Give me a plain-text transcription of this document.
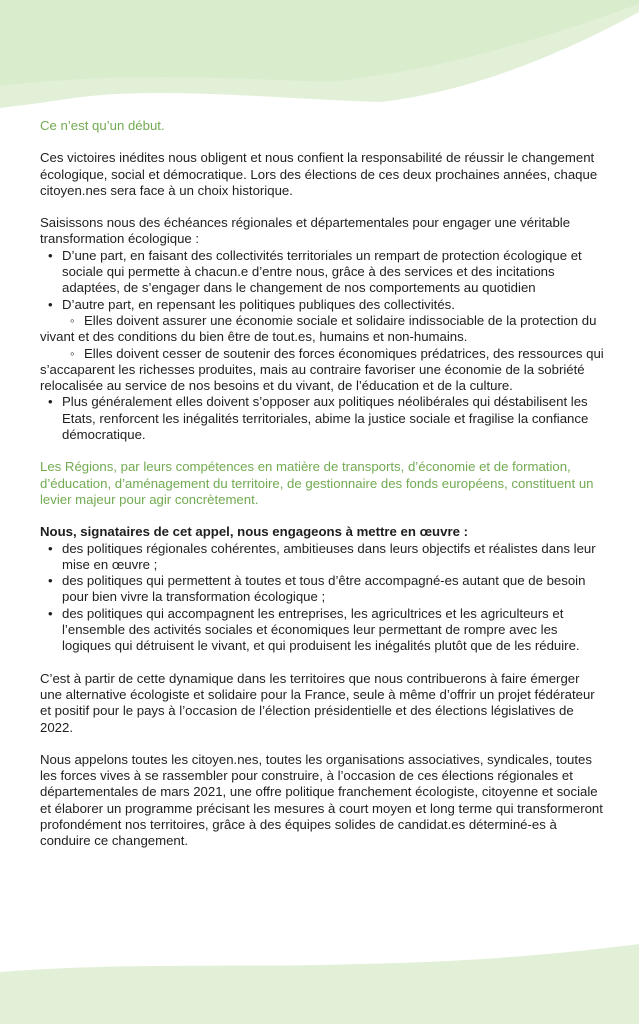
Ce n’est qu’un début.

Ces victoires inédites nous obligent et nous confient la responsabilité de réussir le changement écologique, social et démocratique. Lors des élections de ces deux prochaines années, chaque citoyen.nes sera face à un choix historique.

Saisissons nous des échéances régionales et départementales pour engager une véritable transformation écologique :

• D’une part, en faisant des collectivités territoriales un rempart de protection écologique et sociale qui permette à chacun.e d’entre nous, grâce à des services et des incitations adaptées, de s’engager dans le changement de nos comportements au quotidien

• D’autre part, en repensant les politiques publiques des collectivités.

◦ Elles doivent assurer une économie sociale et solidaire indissociable de la protection du vivant et des conditions du bien être de tout.es, humains et non-humains.

◦ Elles doivent cesser de soutenir des forces économiques prédatrices, des ressources qui s’accaparent les richesses produites, mais au contraire favoriser une économie de la sobriété relocalisée au service de nos besoins et du vivant, de l’éducation et de la culture.

• Plus généralement elles doivent s’opposer aux politiques néolibérales qui déstabilisent les Etats, renforcent les inégalités territoriales, abime la justice sociale et fragilise la confiance démocratique.

Les Régions, par leurs compétences en matière de transports, d’économie et de formation, d’éducation, d’aménagement du territoire, de gestionnaire des fonds européens, constituent un levier majeur pour agir concrètement.

Nous, signataires de cet appel, nous engageons à mettre en œuvre :

• des politiques régionales cohérentes, ambitieuses dans leurs objectifs et réalistes dans leur mise en œuvre ;

• des politiques qui permettent à toutes et tous d’être accompagné-es autant que de besoin pour bien vivre la transformation écologique ;

• des politiques qui accompagnent les entreprises, les agricultrices et les agriculteurs et l’ensemble des activités sociales et économiques leur permettant de rompre avec les logiques qui détruisent le vivant, et qui produisent les inégalités plutôt que de les réduire.

C’est à partir de cette dynamique dans les territoires que nous contribuerons à faire émerger une alternative écologiste et solidaire pour la France, seule à même d’offrir un projet fédérateur et positif pour le pays à l’occasion de l’élection présidentielle et des élections législatives de 2022.

Nous appelons toutes les citoyen.nes, toutes les organisations associatives, syndicales, toutes les forces vives à se rassembler pour construire, à l’occasion de ces élections régionales et départementales de mars 2021, une offre politique franchement écologiste, citoyenne et sociale et élaborer un programme précisant les mesures à court moyen et long terme qui transformeront profondément nos territoires, grâce à des équipes solides de candidat.es déterminé-es à conduire ce changement.
